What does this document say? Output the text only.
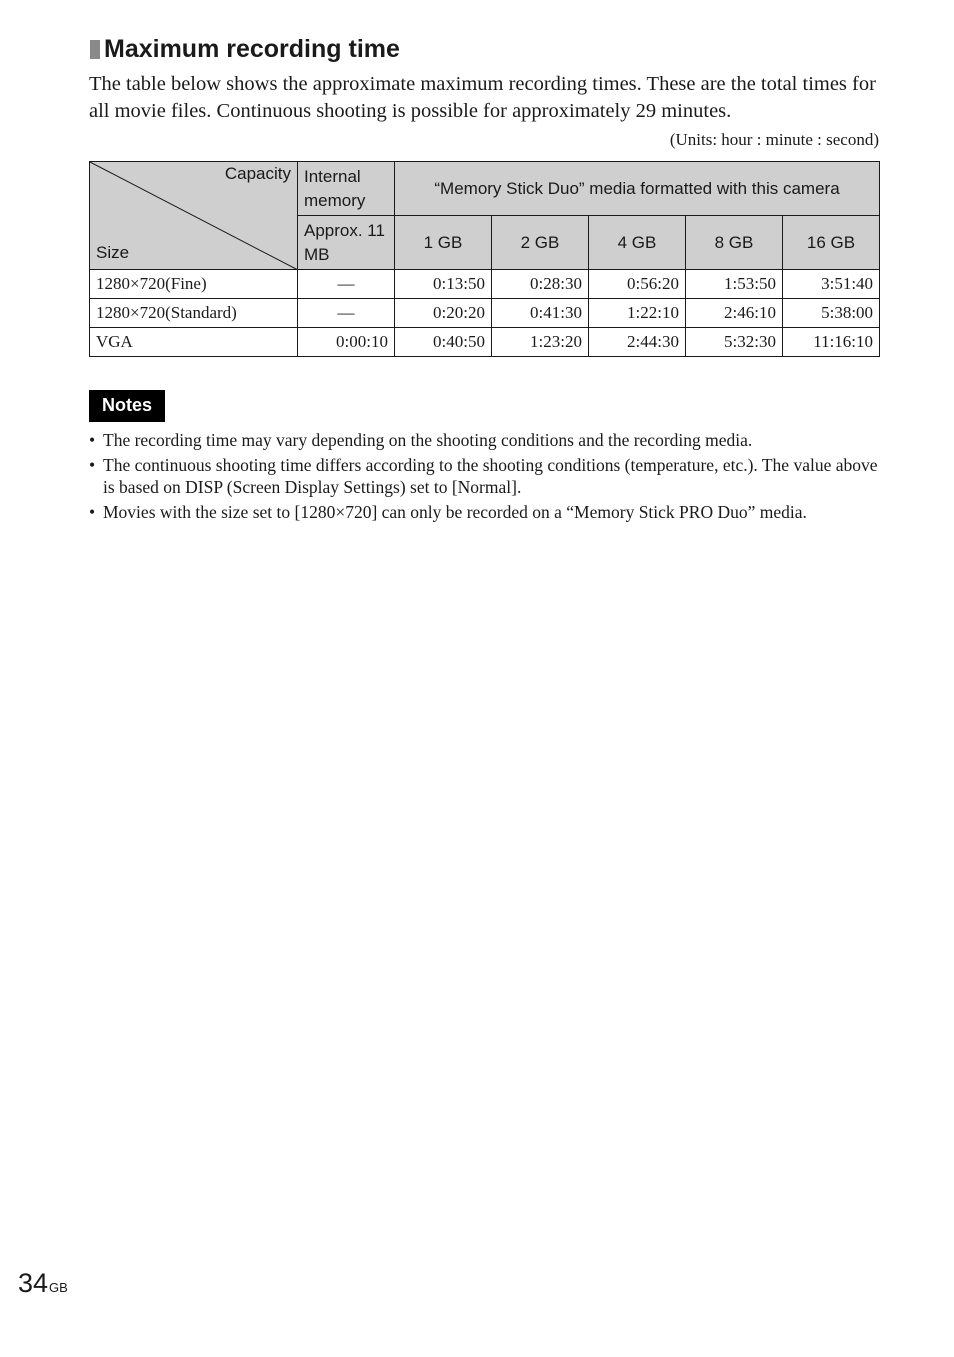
Maximum recording time

The table below shows the approximate maximum recording times. These are the total times for all movie files. Continuous shooting is possible for approximately 29 minutes.

(Units: hour : minute : second)
Capacity
Size	Internal memory	“Memory Stick Duo” media formatted with this camera				
	Approx. 11 MB	1 GB	2 GB	4 GB	8 GB	16 GB
1280×720(Fine)	—	0:13:50	0:28:30	0:56:20	1:53:50	3:51:40
1280×720(Standard)	—	0:20:20	0:41:30	1:22:10	2:46:10	5:38:00
VGA	0:00:10	0:40:50	1:23:20	2:44:30	5:32:30	11:16:10
Notes
• The recording time may vary depending on the shooting conditions and the recording media.
• The continuous shooting time differs according to the shooting conditions (temperature, etc.). The value above is based on DISP (Screen Display Settings) set to [Normal].
• Movies with the size set to [1280×720] can only be recorded on a “Memory Stick PRO Duo” media.
$34^{GB}$
